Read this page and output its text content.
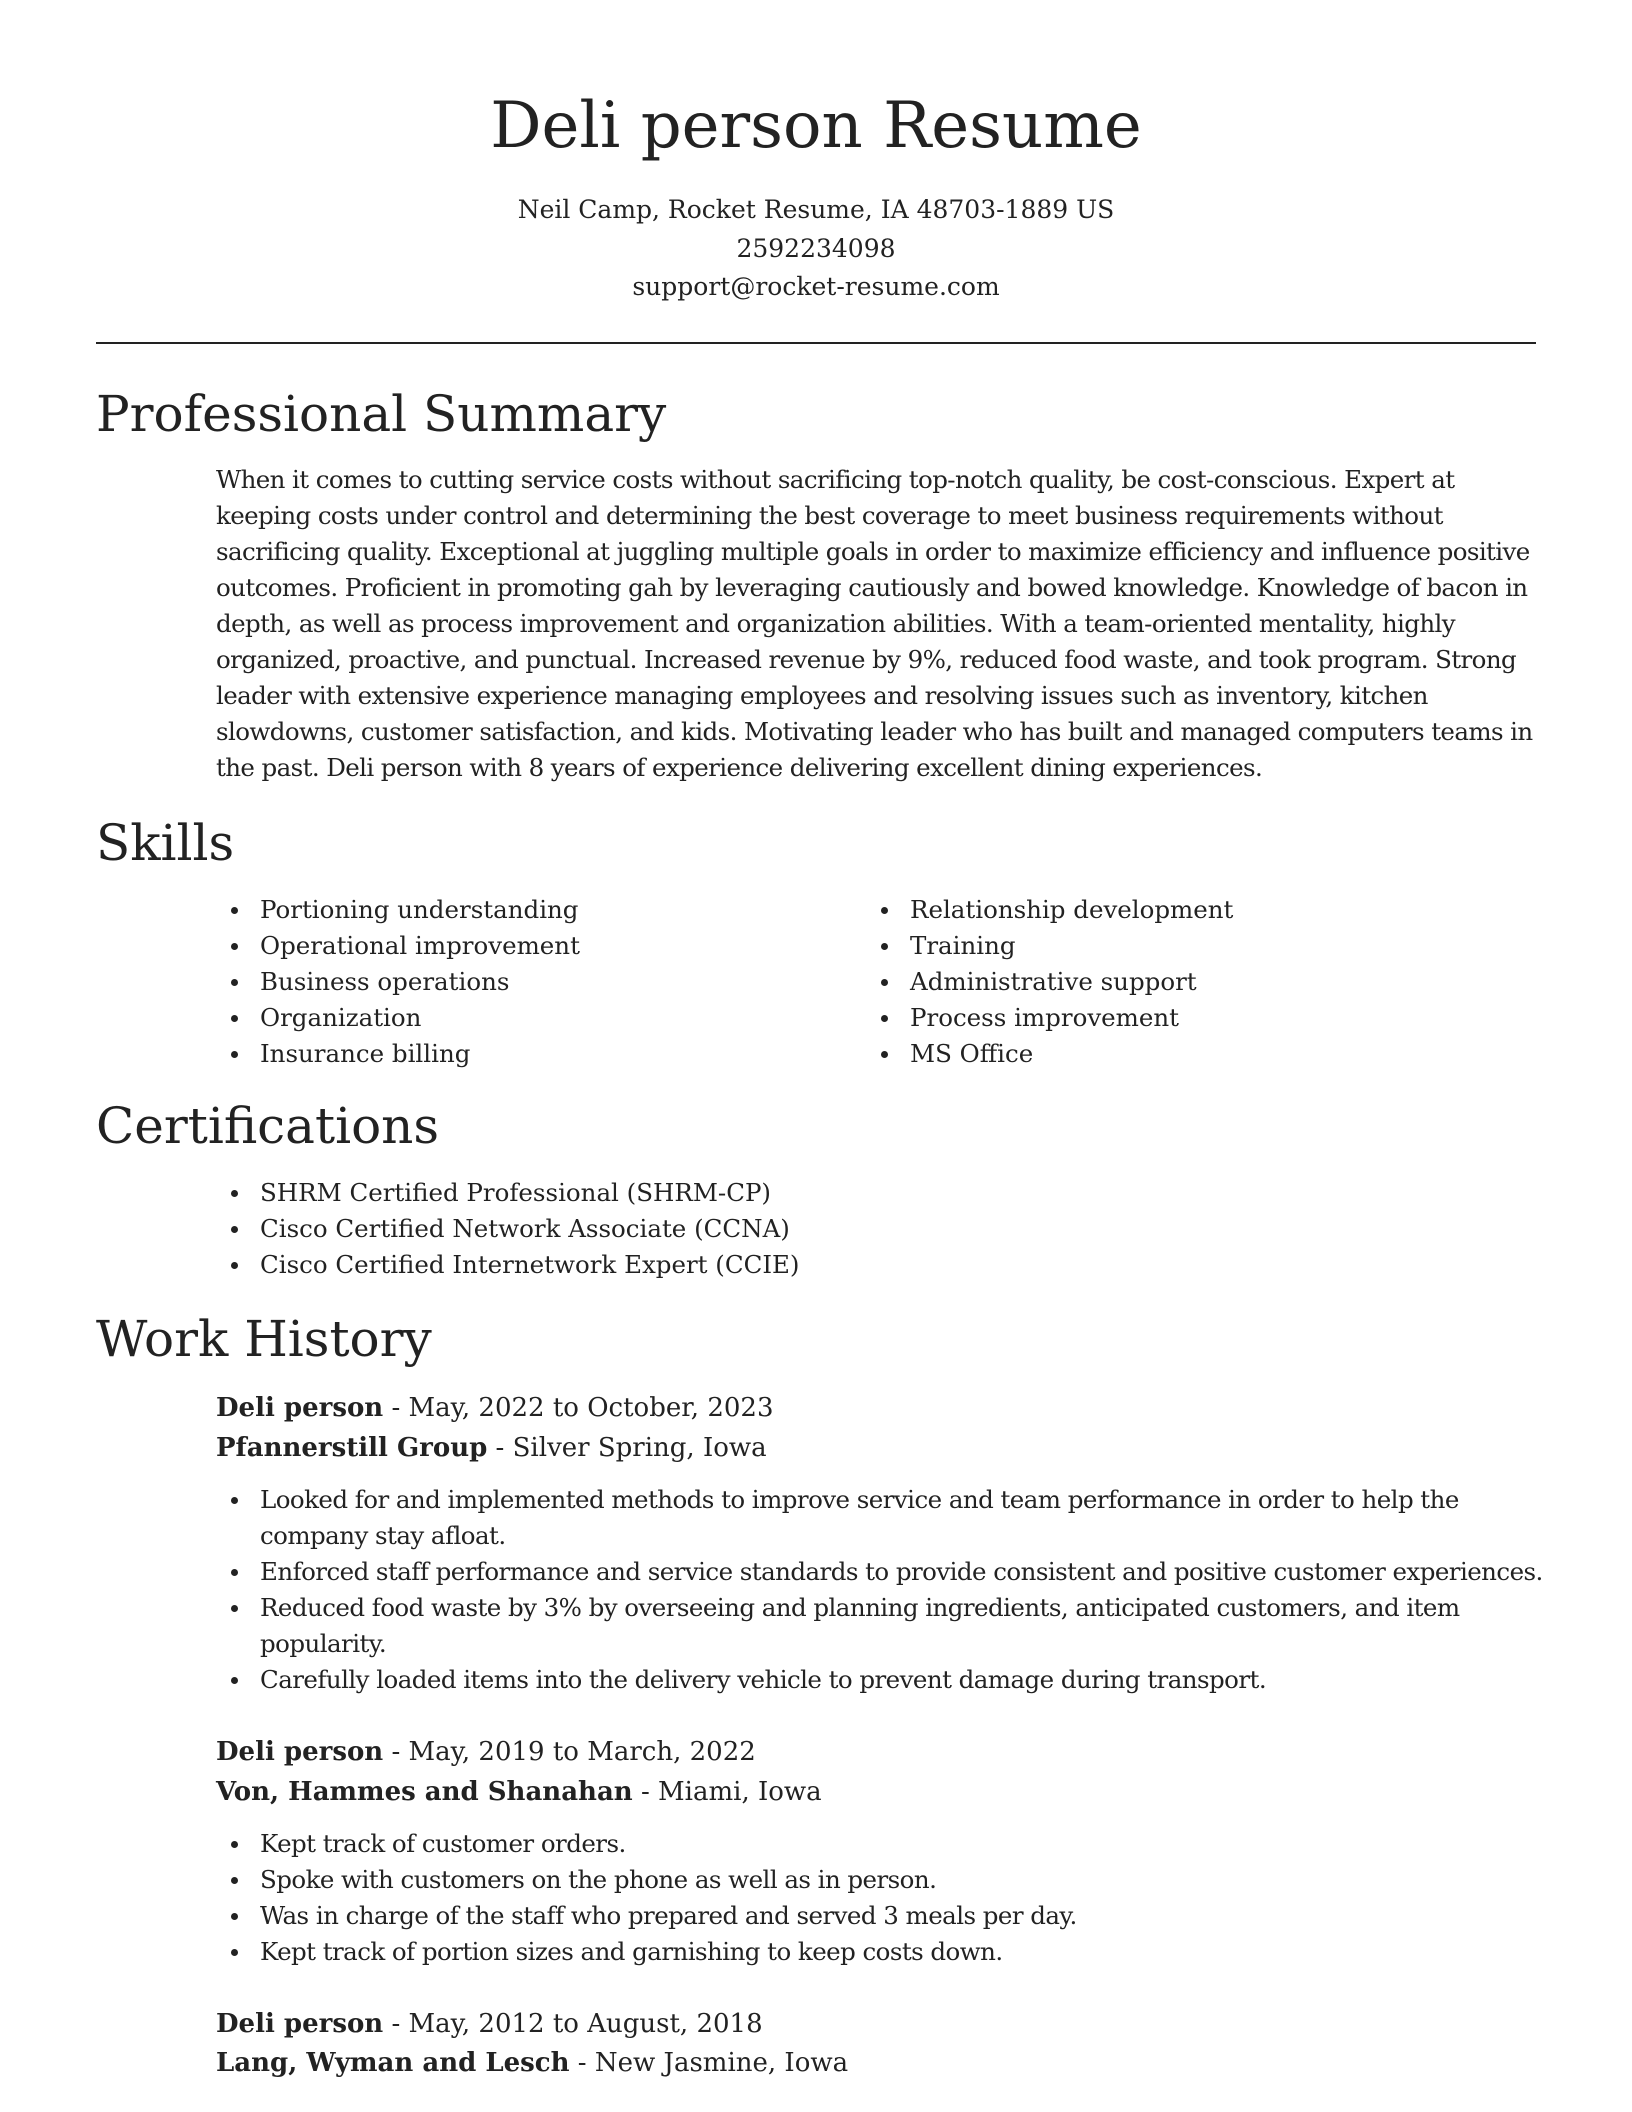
Deli person Resume
Neil Camp, Rocket Resume, IA 48703-1889 US
2592234098
support@rocket-resume.com
Professional Summary

When it comes to cutting service costs without sacrificing top-notch quality, be cost-conscious. Expert at keeping costs under control and determining the best coverage to meet business requirements without sacrificing quality. Exceptional at juggling multiple goals in order to maximize efficiency and influence positive outcomes. Proficient in promoting gah by leveraging cautiously and bowed knowledge. Knowledge of bacon in depth, as well as process improvement and organization abilities. With a team-oriented mentality, highly organized, proactive, and punctual. Increased revenue by 9%, reduced food waste, and took program. Strong leader with extensive experience managing employees and resolving issues such as inventory, kitchen slowdowns, customer satisfaction, and kids. Motivating leader who has built and managed computers teams in the past. Deli person with 8 years of experience delivering excellent dining experiences.

Skills
Portioning understanding
Operational improvement
Business operations
Organization
Insurance billing
Relationship development
Training
Administrative support
Process improvement
MS Office
Certifications
SHRM Certified Professional (SHRM-CP)
Cisco Certified Network Associate (CCNA)
Cisco Certified Internetwork Expert (CCIE)
Work History
Deli person - May, 2022 to October, 2023
Pfannerstill Group - Silver Spring, Iowa
Looked for and implemented methods to improve service and team performance in order to help the company stay afloat.
Enforced staff performance and service standards to provide consistent and positive customer experiences.
Reduced food waste by 3% by overseeing and planning ingredients, anticipated customers, and item popularity.
Carefully loaded items into the delivery vehicle to prevent damage during transport.
Deli person - May, 2019 to March, 2022
Von, Hammes and Shanahan - Miami, Iowa
Kept track of customer orders.
Spoke with customers on the phone as well as in person.
Was in charge of the staff who prepared and served 3 meals per day.
Kept track of portion sizes and garnishing to keep costs down.
Deli person - May, 2012 to August, 2018
Lang, Wyman and Lesch - New Jasmine, Iowa
